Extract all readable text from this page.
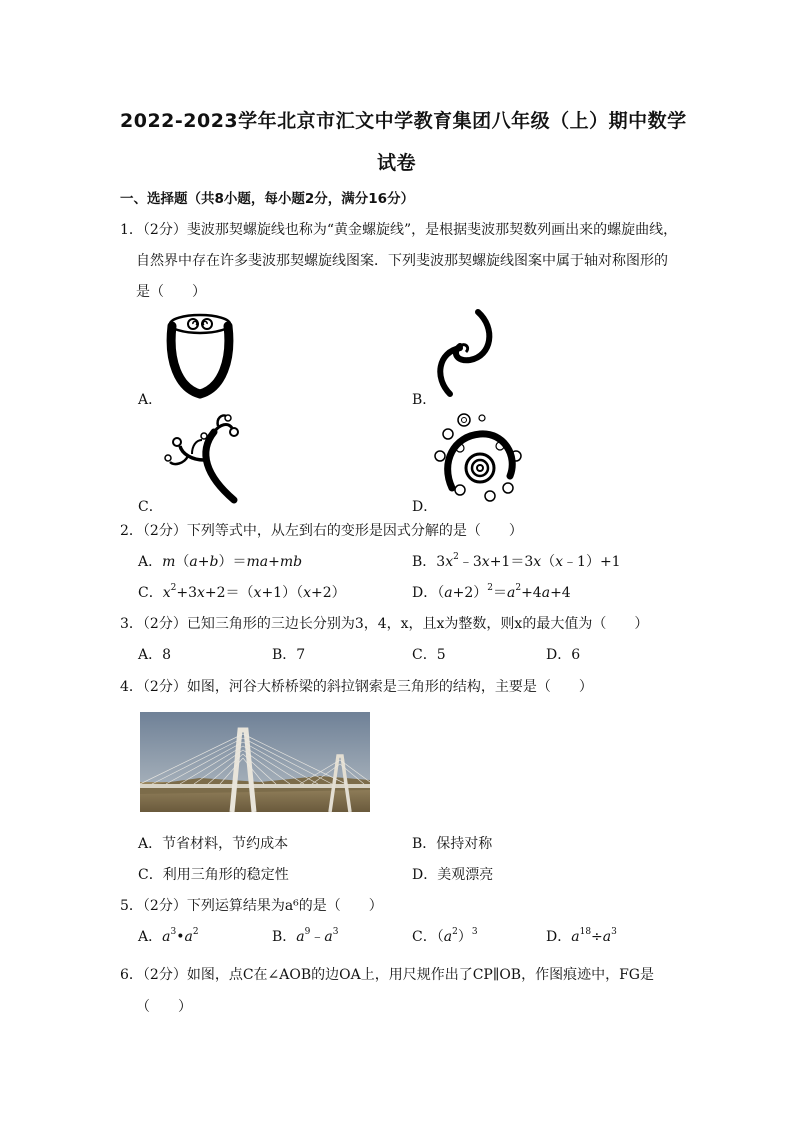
2022-2023学年北京市汇文中学教育集团八年级（上）期中数学
试卷
一、选择题（共8小题，每小题2分，满分16分）
1．（2分）斐波那契螺旋线也称为“黄金螺旋线”，是根据斐波那契数列画出来的螺旋曲线，
自然界中存在许多斐波那契螺旋线图案．下列斐波那契螺旋线图案中属于轴对称图形的
是（　　）
A．	B．
C．	D．
2．（2分）下列等式中，从左到右的变形是因式分解的是（　　）
A．m（a+b）＝ma+mb	B．$3x^2﹣3x+1=3x(x﹣1)+1$
C．$x^2+3x+2=(x+1)(x+2)$	D．$(a+2)^2=a^2+4a+4$
3．（2分）已知三角形的三边长分别为3，4，x，且x为整数，则x的最大值为（　　）
A．8	B．7	C．5	D．6
4．（2分）如图，河谷大桥桥梁的斜拉钢索是三角形的结构，主要是（　　）
A．节省材料，节约成本	B．保持对称
C．利用三角形的稳定性	D．美观漂亮
5．（2分）下列运算结果为a⁶的是（　　）
A．$a^3•a^2$	B．$a^9﹣a^3$	C．$(a^2)^3$	D．$a^{18}\div a^3$
6．（2分）如图，点C在∠AOB的边OA上，用尺规作出了CP∥OB，作图痕迹中，FG是
（　　）
